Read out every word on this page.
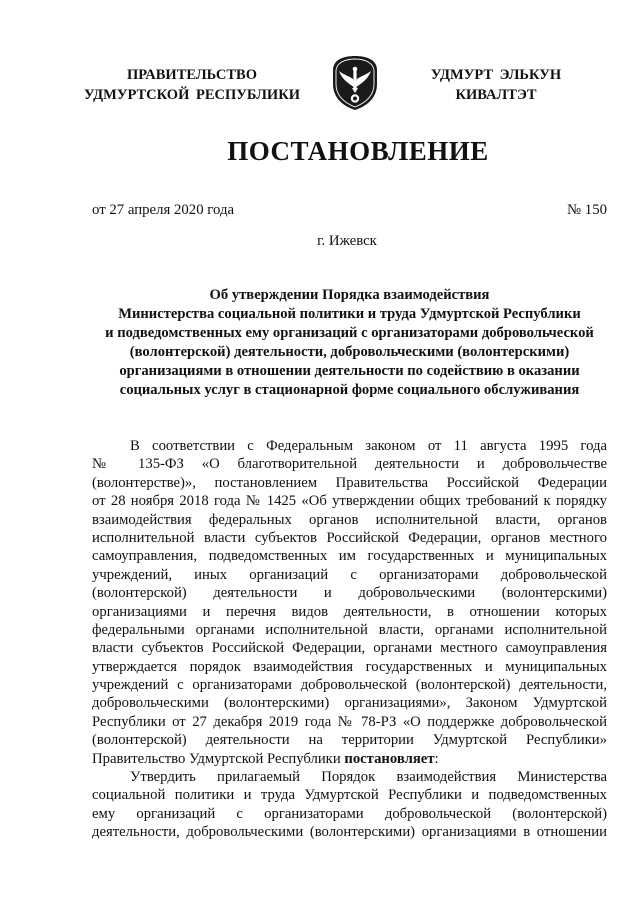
ПРАВИТЕЛЬСТВО
УДМУРТСКОЙ РЕСПУБЛИКИ
УДМУРТ ЭЛЬКУН
КИВАЛТЭТ
ПОСТАНОВЛЕНИЕ
от 27 апреля 2020 года	№ 150
г. Ижевск
Об утверждении Порядка взаимодействия
Министерства социальной политики и труда Удмуртской Республики
и подведомственных ему организаций с организаторами добровольческой
(волонтерской) деятельности, добровольческими (волонтерскими)
организациями в отношении деятельности по содействию в оказании
социальных услуг в стационарной форме социального обслуживания
В соответствии с Федеральным законом от 11 августа 1995 года
№ 135-ФЗ «О благотворительной деятельности и добровольчестве
(волонтерстве)», постановлением Правительства Российской Федерации
от 28 ноября 2018 года № 1425 «Об утверждении общих требований к порядку
взаимодействия федеральных органов исполнительной власти, органов
исполнительной власти субъектов Российской Федерации, органов местного
самоуправления, подведомственных им государственных и муниципальных
учреждений, иных организаций с организаторами добровольческой
(волонтерской) деятельности и добровольческими (волонтерскими)
организациями и перечня видов деятельности, в отношении которых
федеральными органами исполнительной власти, органами исполнительной
власти субъектов Российской Федерации, органами местного самоуправления
утверждается порядок взаимодействия государственных и муниципальных
учреждений с организаторами добровольческой (волонтерской) деятельности,
добровольческими (волонтерскими) организациями», Законом Удмуртской
Республики от 27 декабря 2019 года № 78-РЗ «О поддержке добровольческой
(волонтерской) деятельности на территории Удмуртской Республики»
Правительство Удмуртской Республики постановляет:
Утвердить прилагаемый Порядок взаимодействия Министерства
социальной политики и труда Удмуртской Республики и подведомственных
ему организаций с организаторами добровольческой (волонтерской)
деятельности, добровольческими (волонтерскими) организациями в отношении
